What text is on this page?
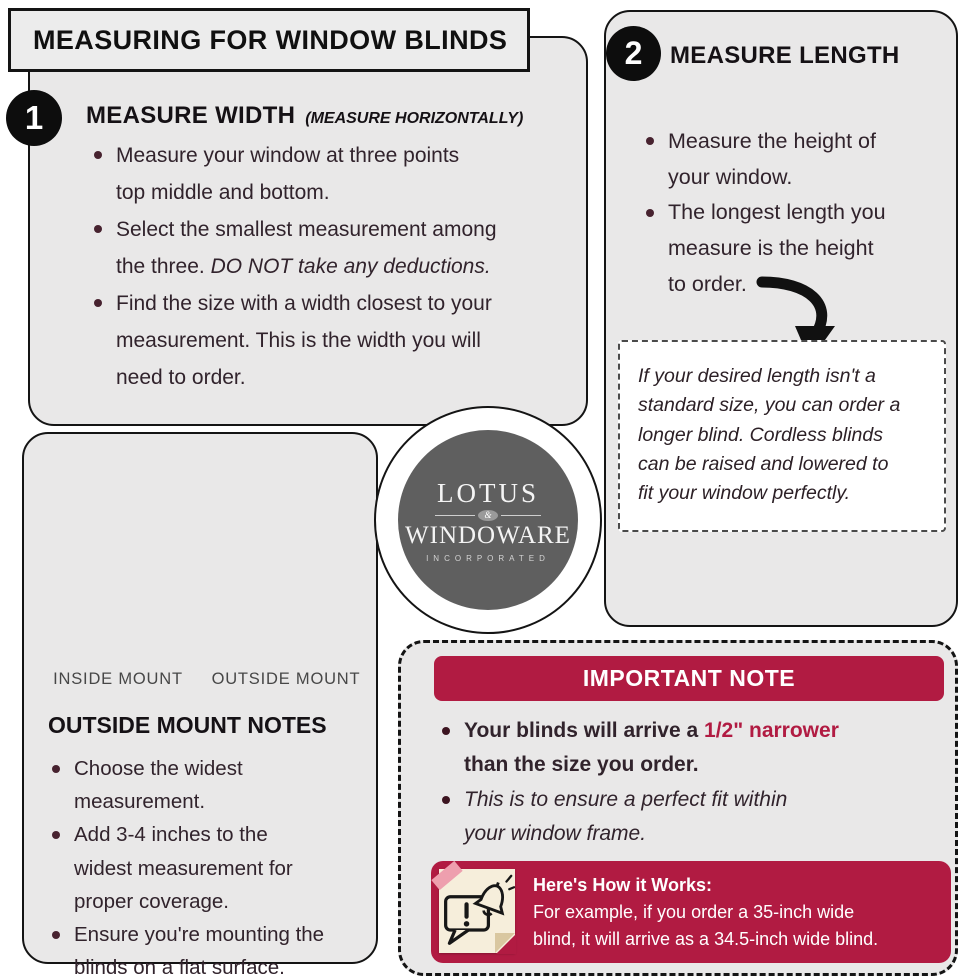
MEASURE WIDTH (MEASURE HORIZONTALLY)
Measure your window at three points
top middle and bottom.
Select the smallest measurement among
the three. DO NOT take any deductions.
Find the size with a width closest to your
measurement. This is the width you will
need to order.
MEASURE LENGTH
Measure the height of
your window.
The longest length you
measure is the height
to order.
If your desired length isn't a
standard size, you can order a
longer blind. Cordless blinds
can be raised and lowered to
fit your window perfectly.
INSIDE MOUNT	OUTSIDE MOUNT
OUTSIDE MOUNT NOTES
Choose the widest
measurement.
Add 3-4 inches to the
widest measurement for
proper coverage.
Ensure you're mounting the
blinds on a flat surface.
Here's How it Works:
For example, if you order a 35-inch wide
blind, it will arrive as a 34.5-inch wide blind.
IMPORTANT NOTE
Your blinds will arrive a 1/2" narrower
than the size you order.
This is to ensure a perfect fit within
your window frame.
LOTUS
&
WINDOWARE
INCORPORATED
MEASURING FOR WINDOW BLINDS
1
2
